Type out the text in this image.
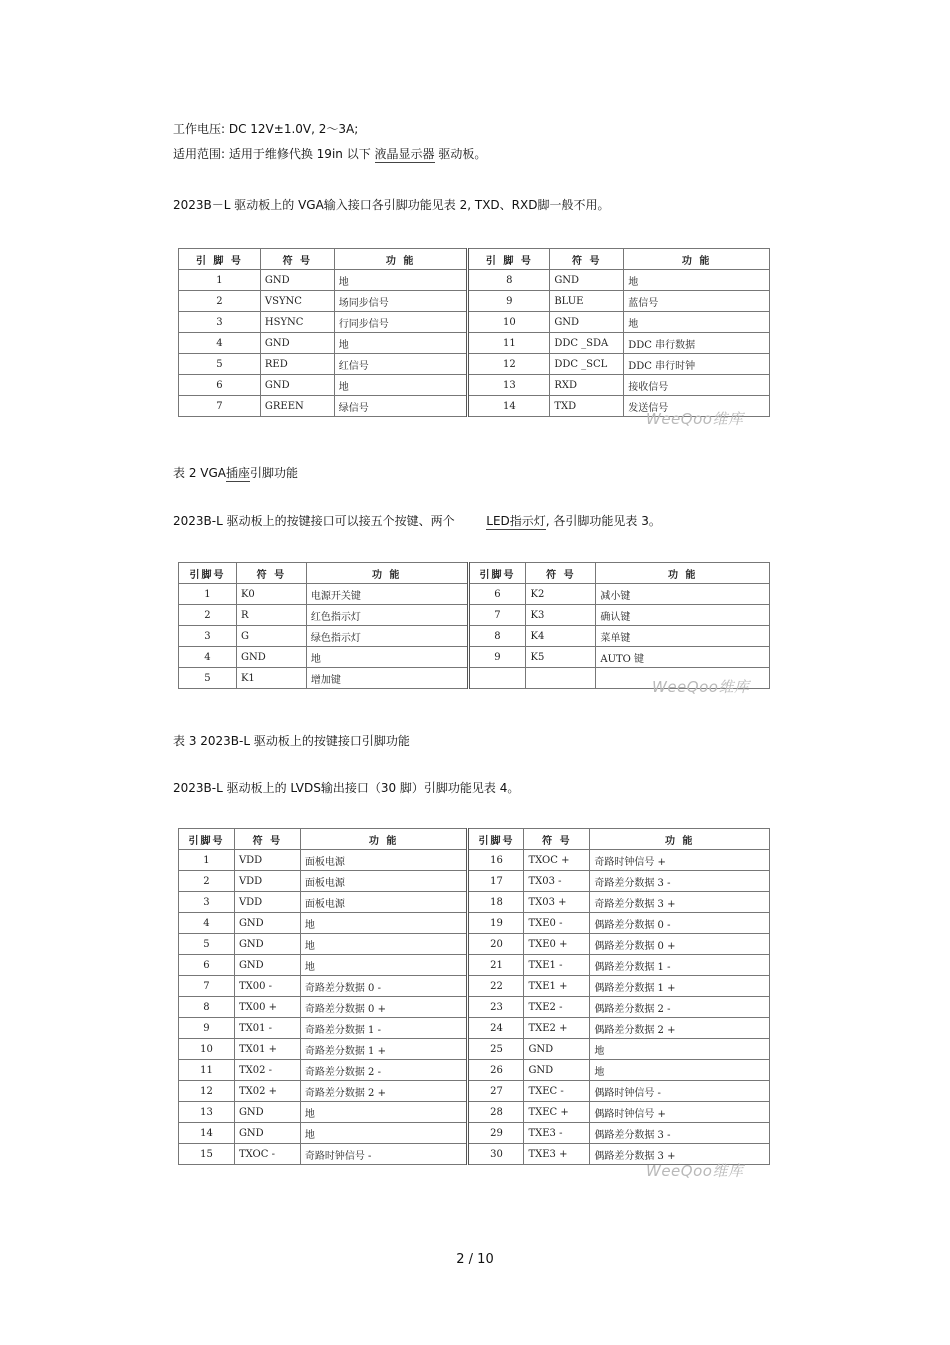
工作电压: DC 12V±1.0V, 2～3A;
适用范围: 适用于维修代换 19in 以下 液晶显示器 驱动板。
2023B－L 驱动板上的 VGA输入接口各引脚功能见表 2, TXD、RXD脚一般不用。
引 脚 号	符 号	功 能	引 脚 号	符 号	功 能
1	GND	地	8	GND	地
2	VSYNC	场同步信号	9	BLUE	蓝信号
3	HSYNC	行同步信号	10	GND	地
4	GND	地	11	DDC _SDA	DDC 串行数据
5	RED	红信号	12	DDC _SCL	DDC 串行时钟
6	GND	地	13	RXD	接收信号
7	GREEN	绿信号	14	TXD	发送信号
WeeQoo维库
表 2 VGA插座引脚功能
2023B-L 驱动板上的按键接口可以接五个按键、两个	LED指示灯, 各引脚功能见表 3。
引脚号	符 号	功 能	引脚号	符 号	功 能
1	K0	电源开关键	6	K2	减小键
2	R	红色指示灯	7	K3	确认键
3	G	绿色指示灯	8	K4	菜单键
4	GND	地	9	K5	AUTO 键
5	K1	增加键				WeeQoo维库
表 3 2023B-L 驱动板上的按键接口引脚功能
2023B-L 驱动板上的 LVDS输出接口（30 脚）引脚功能见表 4。
引脚号	符 号	功 能	引脚号	符 号	功 能
1	VDD	面板电源	16	TXOC +	奇路时钟信号 +
2	VDD	面板电源	17	TX03 -	奇路差分数据 3 -
3	VDD	面板电源	18	TX03 +	奇路差分数据 3 +
4	GND	地	19	TXE0 -	偶路差分数据 0 -
5	GND	地	20	TXE0 +	偶路差分数据 0 +
6	GND	地	21	TXE1 -	偶路差分数据 1 -
7	TX00 -	奇路差分数据 0 -	22	TXE1 +	偶路差分数据 1 +
8	TX00 +	奇路差分数据 0 +	23	TXE2 -	偶路差分数据 2 -
9	TX01 -	奇路差分数据 1 -	24	TXE2 +	偶路差分数据 2 +
10	TX01 +	奇路差分数据 1 +	25	GND	地
11	TX02 -	奇路差分数据 2 -	26	GND	地
12	TX02 +	奇路差分数据 2 +	27	TXEC -	偶路时钟信号 -
13	GND	地	28	TXEC +	偶路时钟信号 +
14	GND	地	29	TXE3 -	偶路差分数据 3 -
15	TXOC -	奇路时钟信号 -	30	TXE3 +	偶路差分数据 3 +
WeeQoo维库
2 / 10
